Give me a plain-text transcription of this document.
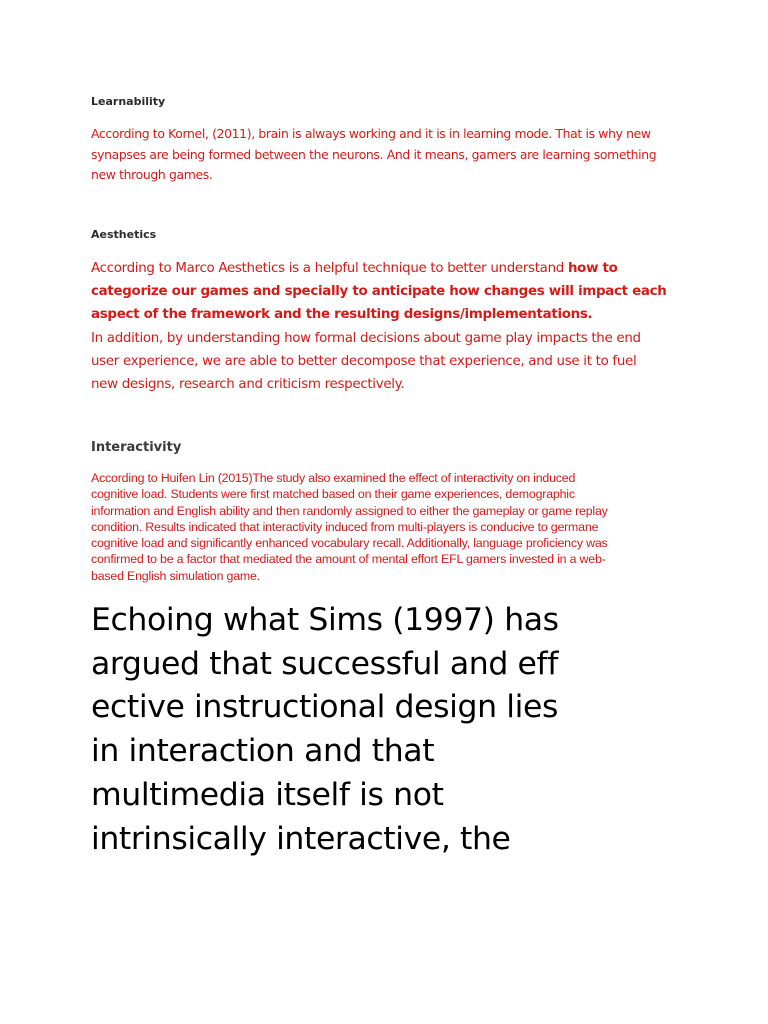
Learnability

According to Kornel, (2011), brain is always working and it is in learning mode. That is why new
synapses are being formed between the neurons. And it means, gamers are learning something
new through games.

Aesthetics

According to Marco Aesthetics is a helpful technique to better understand how to
categorize our games and specially to anticipate how changes will impact each
aspect of the framework and the resulting designs/implementations.
In addition, by understanding how formal decisions about game play impacts the end
user experience, we are able to better decompose that experience, and use it to fuel
new designs, research and criticism respectively.

Interactivity

According to Huifen Lin (2015)The study also examined the effect of interactivity on induced
cognitive load. Students were first matched based on their game experiences, demographic
information and English ability and then randomly assigned to either the gameplay or game replay
condition. Results indicated that interactivity induced from multi-players is conducive to germane
cognitive load and significantly enhanced vocabulary recall. Additionally, language proficiency was
confirmed to be a factor that mediated the amount of mental effort EFL gamers invested in a web-
based English simulation game.

Echoing what Sims (1997) has
argued that successful and eff
ective instructional design lies
in interaction and that
multimedia itself is not
intrinsically interactive, the
